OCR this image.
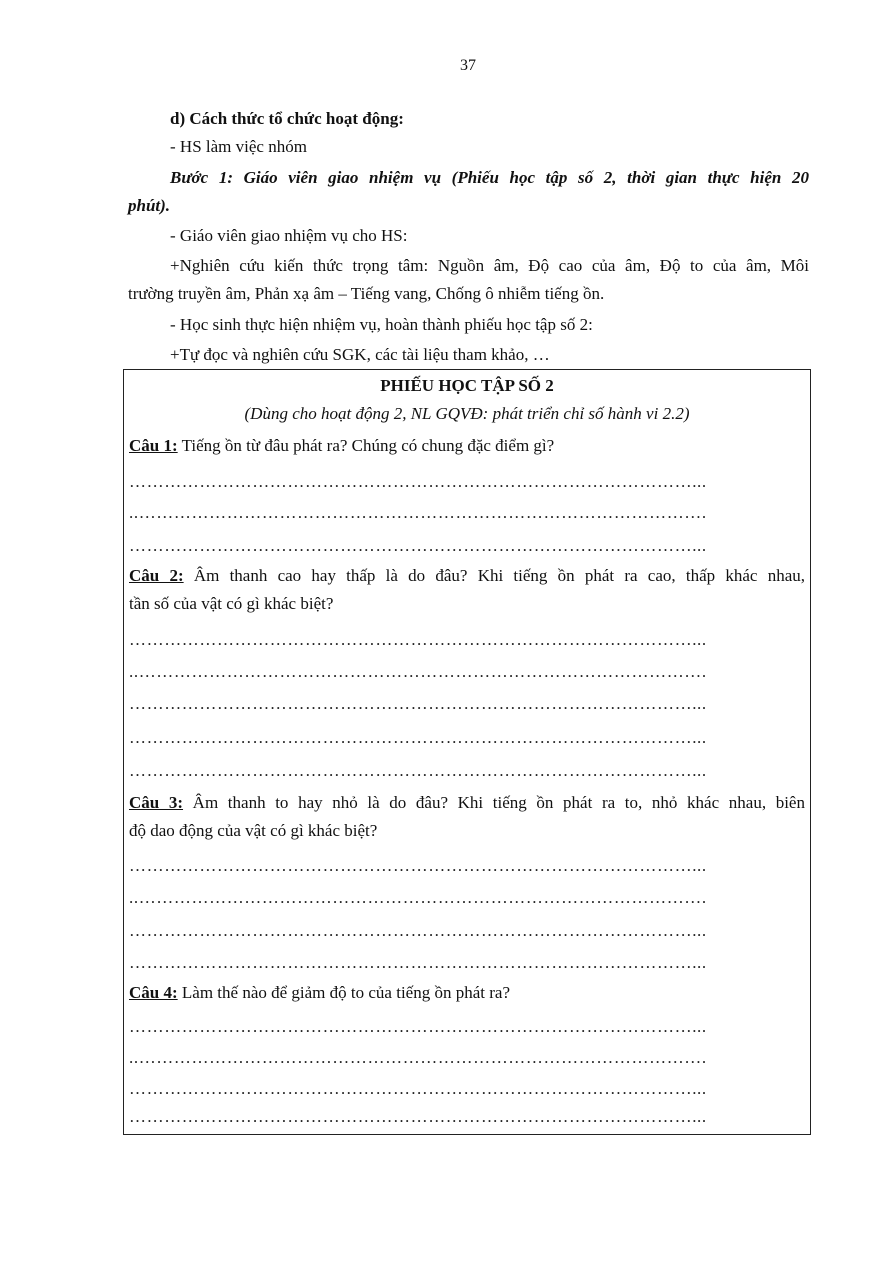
37
d) Cách thức tổ chức hoạt động:
- HS làm việc nhóm
Bước 1: Giáo viên giao nhiệm vụ (Phiếu học tập số 2, thời gian thực hiện 20
phút).
- Giáo viên giao nhiệm vụ cho HS:
+Nghiên cứu kiến thức trọng tâm: Nguồn âm, Độ cao của âm, Độ to của âm, Môi
trường truyền âm, Phản xạ âm – Tiếng vang, Chống ô nhiễm tiếng ồn.
- Học sinh thực hiện nhiệm vụ, hoàn thành phiếu học tập số 2:
+Tự đọc và nghiên cứu SGK, các tài liệu tham khảo, …
PHIẾU HỌC TẬP SỐ 2
(Dùng cho hoạt động 2, NL GQVĐ: phát triển chỉ số hành vi 2.2)
Câu 1: Tiếng ồn từ đâu phát ra? Chúng có chung đặc điểm gì?
……………………………………………………………………………………...
..…………………………………………………………………………………….
……………………………………………………………………………………...
Câu 2: Âm thanh cao hay thấp là do đâu? Khi tiếng ồn phát ra cao, thấp khác nhau,
tần số của vật có gì khác biệt?
……………………………………………………………………………………...
..…………………………………………………………………………………….
……………………………………………………………………………………...
……………………………………………………………………………………...
……………………………………………………………………………………...
Câu 3: Âm thanh to hay nhỏ là do đâu? Khi tiếng ồn phát ra to, nhỏ khác nhau, biên
độ dao động của vật có gì khác biệt?
……………………………………………………………………………………...
..…………………………………………………………………………………….
……………………………………………………………………………………...
……………………………………………………………………………………...
Câu 4: Làm thế nào để giảm độ to của tiếng ồn phát ra?
……………………………………………………………………………………...
..…………………………………………………………………………………….
……………………………………………………………………………………...
……………………………………………………………………………………...
